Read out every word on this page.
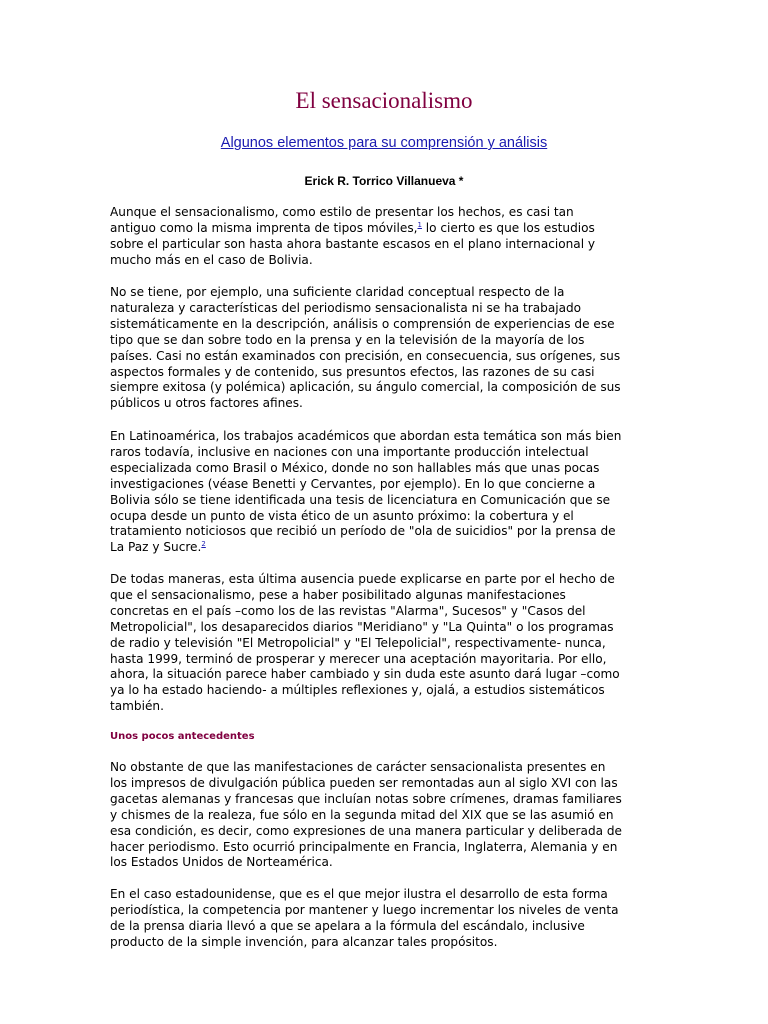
El sensacionalismo
Algunos elementos para su comprensión y análisis
Erick R. Torrico Villanueva *

Aunque el sensacionalismo, como estilo de presentar los hechos, es casi tan
antiguo como la misma imprenta de tipos móviles,$^1$ lo cierto es que los estudios
sobre el particular son hasta ahora bastante escasos en el plano internacional y
mucho más en el caso de Bolivia.

No se tiene, por ejemplo, una suficiente claridad conceptual respecto de la
naturaleza y características del periodismo sensacionalista ni se ha trabajado
sistemáticamente en la descripción, análisis o comprensión de experiencias de ese
tipo que se dan sobre todo en la prensa y en la televisión de la mayoría de los
países. Casi no están examinados con precisión, en consecuencia, sus orígenes, sus
aspectos formales y de contenido, sus presuntos efectos, las razones de su casi
siempre exitosa (y polémica) aplicación, su ángulo comercial, la composición de sus
públicos u otros factores afines.

En Latinoamérica, los trabajos académicos que abordan esta temática son más bien
raros todavía, inclusive en naciones con una importante producción intelectual
especializada como Brasil o México, donde no son hallables más que unas pocas
investigaciones (véase Benetti y Cervantes, por ejemplo). En lo que concierne a
Bolivia sólo se tiene identificada una tesis de licenciatura en Comunicación que se
ocupa desde un punto de vista ético de un asunto próximo: la cobertura y el
tratamiento noticiosos que recibió un período de "ola de suicidios" por la prensa de
La Paz y Sucre.$^2$

De todas maneras, esta última ausencia puede explicarse en parte por el hecho de
que el sensacionalismo, pese a haber posibilitado algunas manifestaciones
concretas en el país –como los de las revistas "Alarma", Sucesos" y "Casos del
Metropolicial", los desaparecidos diarios "Meridiano" y "La Quinta" o los programas
de radio y televisión "El Metropolicial" y "El Telepolicial", respectivamente- nunca,
hasta 1999, terminó de prosperar y merecer una aceptación mayoritaria. Por ello,
ahora, la situación parece haber cambiado y sin duda este asunto dará lugar –como
ya lo ha estado haciendo- a múltiples reflexiones y, ojalá, a estudios sistemáticos
también.

Unos pocos antecedentes

No obstante de que las manifestaciones de carácter sensacionalista presentes en
los impresos de divulgación pública pueden ser remontadas aun al siglo XVI con las
gacetas alemanas y francesas que incluían notas sobre crímenes, dramas familiares
y chismes de la realeza, fue sólo en la segunda mitad del XIX que se las asumió en
esa condición, es decir, como expresiones de una manera particular y deliberada de
hacer periodismo. Esto ocurrió principalmente en Francia, Inglaterra, Alemania y en
los Estados Unidos de Norteamérica.

En el caso estadounidense, que es el que mejor ilustra el desarrollo de esta forma
periodística, la competencia por mantener y luego incrementar los niveles de venta
de la prensa diaria llevó a que se apelara a la fórmula del escándalo, inclusive
producto de la simple invención, para alcanzar tales propósitos.
